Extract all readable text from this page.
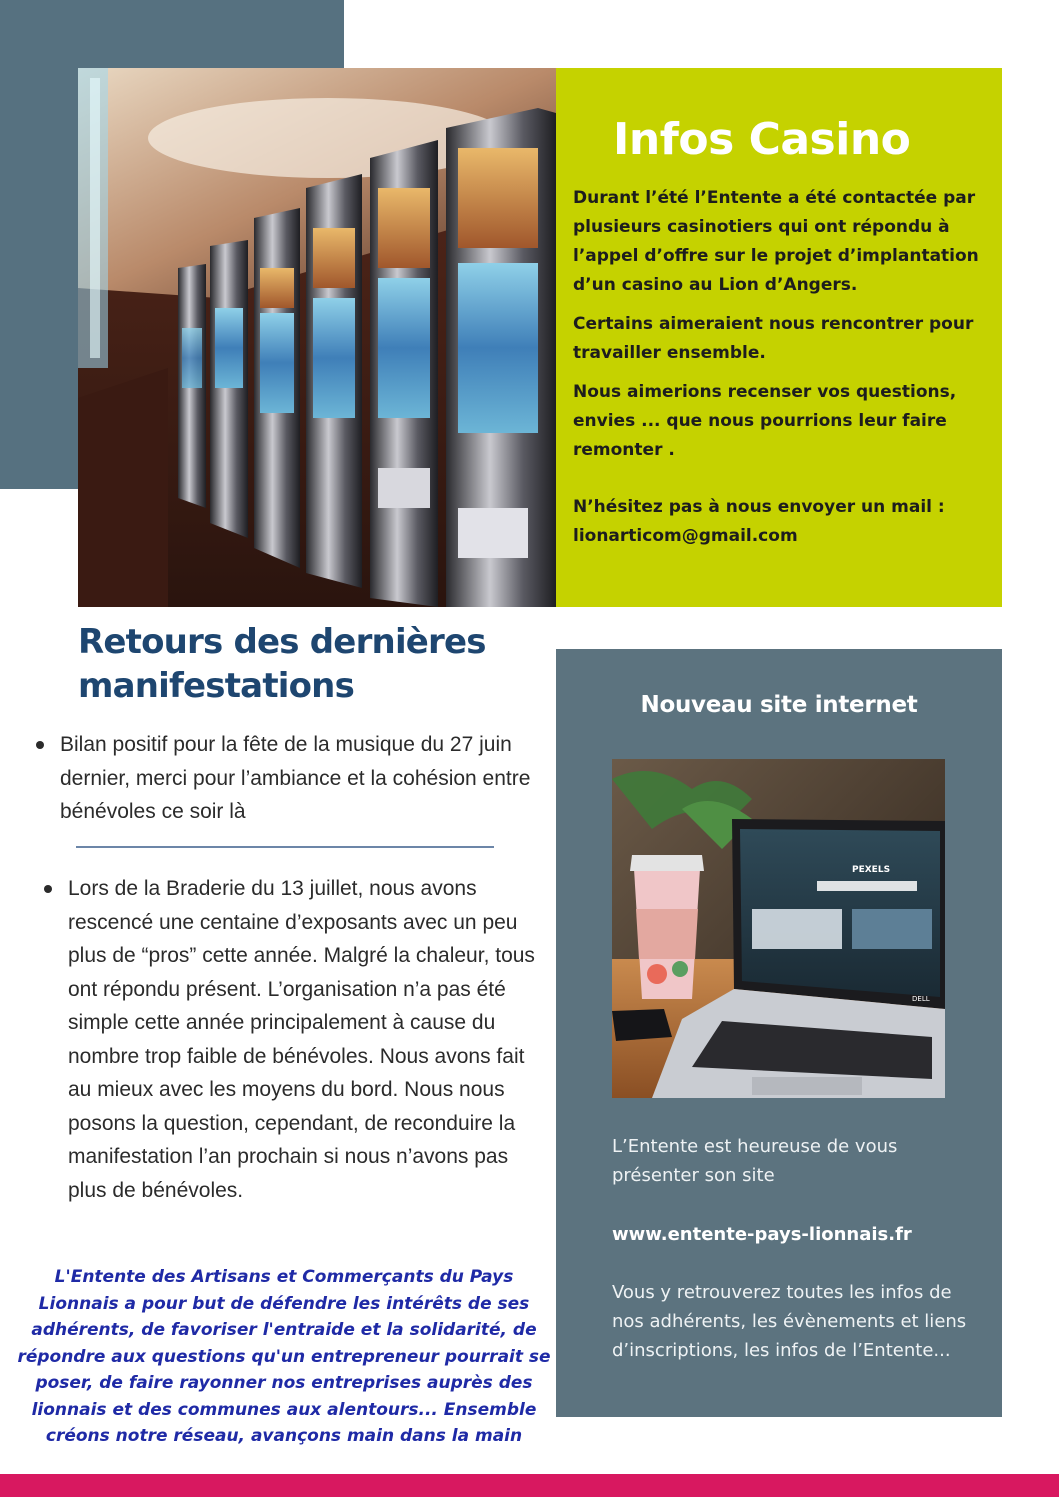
Infos Casino

Durant l’été l’Entente a été contactée par plusieurs casinotiers qui ont répondu à l’appel d’offre sur le projet d’implantation d’un casino au Lion d’Angers.

Certains aimeraient nous rencontrer pour travailler ensemble.

Nous aimerions recenser vos questions, envies ... que nous pourrions leur faire remonter .

N’hésitez pas à nous envoyer un mail :

lionarticom@gmail.com

Retours des dernières manifestations
Bilan positif pour la fête de la musique du 27 juin dernier, merci pour l’ambiance et la cohésion entre bénévoles ce soir là
Lors de la Braderie du 13 juillet, nous avons rescencé une centaine d’exposants avec un peu plus de “pros” cette année. Malgré la chaleur, tous ont répondu présent. L’organisation n’a pas été simple cette année principalement à cause du nombre trop faible de bénévoles. Nous avons fait au mieux avec les moyens du bord. Nous nous posons la question, cependant, de reconduire la manifestation l’an prochain si nous n’avons pas plus de bénévoles.
L'Entente des Artisans et Commerçants du Pays Lionnais a pour but de défendre les intérêts de ses adhérents, de favoriser l'entraide et la solidarité, de répondre aux questions qu'un entrepreneur pourrait se poser, de faire rayonner nos entreprises auprès des lionnais et des communes aux alentours... Ensemble créons notre réseau, avançons main dans la main
Nouveau site internet
PEXELS
DELL
L’Entente est heureuse de vous présenter son site
www.entente-pays-lionnais.fr
Vous y retrouverez toutes les infos de nos adhérents, les évènements et liens d’inscriptions, les infos de l’Entente...
